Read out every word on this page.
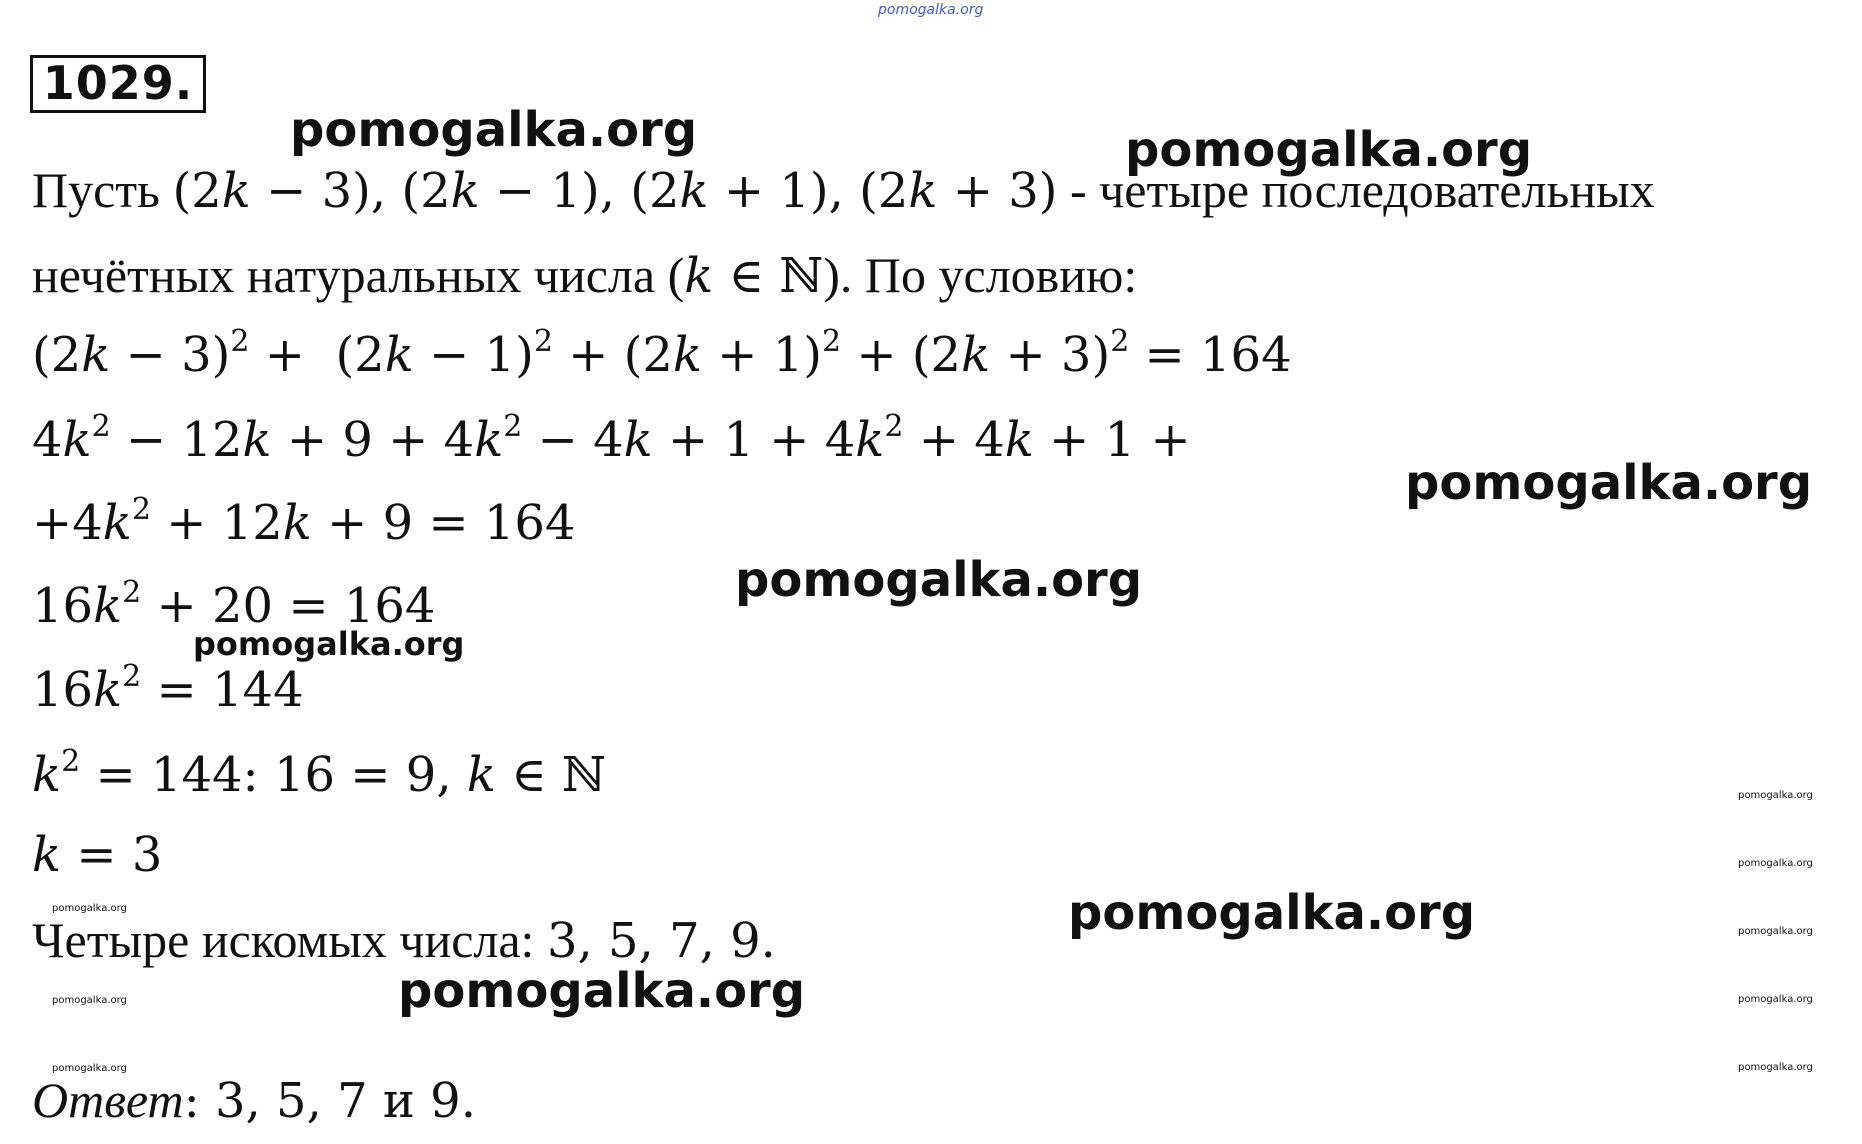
pomogalka.org
1029.
Пусть (2k − 3), (2k − 1), (2k + 1), (2k + 3) - четыре последовательных
нечётных натуральных числа (k ∈ ℕ). По условию:
$(2k - 3)^2 + (2k - 1)^2 + (2k + 1)^2 + (2k + 3)^2 = 164$
$4k^2 - 12k + 9 + 4k^2 - 4k + 1 + 4k^2 + 4k + 1$ +
$+4k^2 + 12k + 9 = 164$
$16k^2 + 20 = 164$
$16k^2 = 144$
$k^2 = 144$: 16 = 9, k ∈ ℕ
k = 3
Четыре искомых числа: 3, 5, 7, 9.
Ответ: 3, 5, 7 и 9.
pomogalka.org	pomogalka.org
pomogalka.org
pomogalka.org
pomogalka.org
pomogalka.org
pomogalka.org
pomogalka.org
pomogalka.org
pomogalka.org
pomogalka.org
pomogalka.org
pomogalka.org
pomogalka.org
pomogalka.org
